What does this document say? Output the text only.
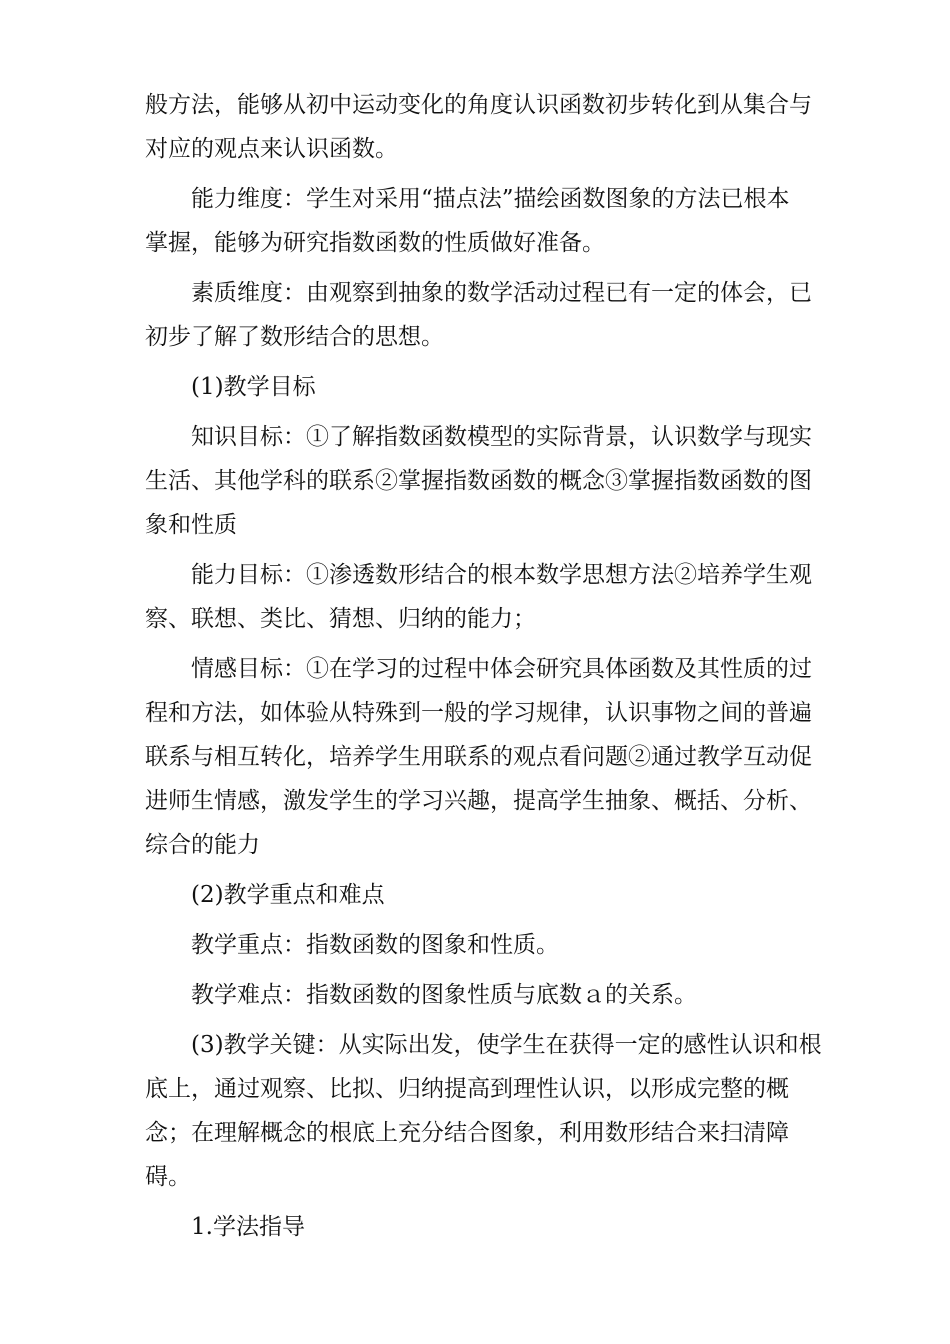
般方法，能够从初中运动变化的角度认识函数初步转化到从集合与

对应的观点来认识函数。

能力维度：学生对采用“描点法”描绘函数图象的方法已根本

掌握，能够为研究指数函数的性质做好准备。

素质维度：由观察到抽象的数学活动过程已有一定的体会，已

初步了解了数形结合的思想。

(1)教学目标

知识目标：①了解指数函数模型的实际背景，认识数学与现实

生活、其他学科的联系②掌握指数函数的概念③掌握指数函数的图

象和性质

能力目标：①渗透数形结合的根本数学思想方法②培养学生观

察、联想、类比、猜想、归纳的能力；

情感目标：①在学习的过程中体会研究具体函数及其性质的过

程和方法，如体验从特殊到一般的学习规律，认识事物之间的普遍

联系与相互转化，培养学生用联系的观点看问题②通过教学互动促

进师生情感，激发学生的学习兴趣，提高学生抽象、概括、分析、

综合的能力

(2)教学重点和难点

教学重点：指数函数的图象和性质。

教学难点：指数函数的图象性质与底数ａ的关系。

(3)教学关键：从实际出发，使学生在获得一定的感性认识和根

底上，通过观察、比拟、归纳提高到理性认识，以形成完整的概

念；在理解概念的根底上充分结合图象，利用数形结合来扫清障

碍。

1.学法指导
